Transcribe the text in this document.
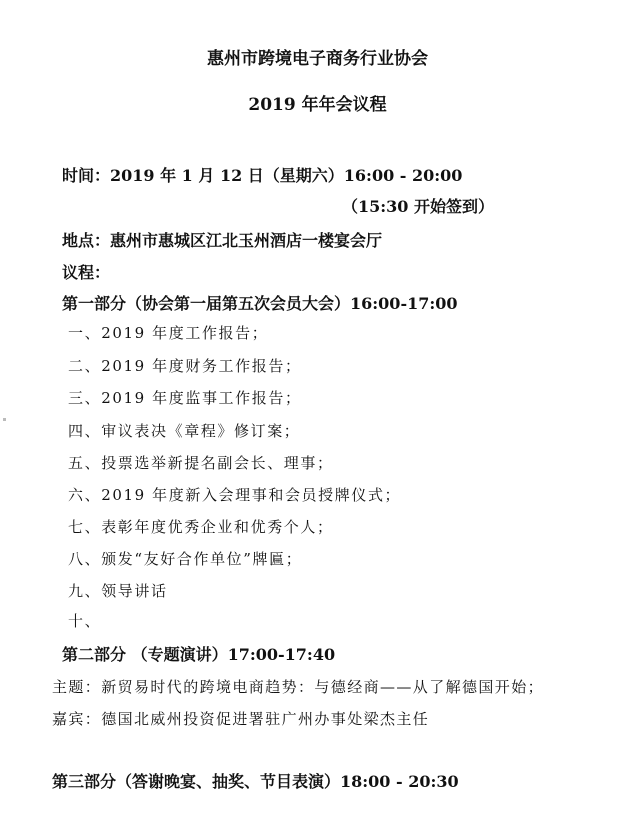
惠州市跨境电子商务行业协会
2019 年年会议程
时间：2019 年 1 月 12 日（星期六）16:00 - 20:00
（15:30 开始签到）
地点：惠州市惠城区江北玉州酒店一楼宴会厅
议程：
第一部分（协会第一届第五次会员大会）16:00-17:00
一、2019 年度工作报告；
二、2019 年度财务工作报告；
三、2019 年度监事工作报告；
四、审议表决《章程》修订案；
五、投票选举新提名副会长、理事；
六、2019 年度新入会理事和会员授牌仪式；
七、表彰年度优秀企业和优秀个人；
八、颁发“友好合作单位”牌匾；
九、领导讲话
十、
第二部分 （专题演讲）17:00-17:40
主题：新贸易时代的跨境电商趋势：与德经商——从了解德国开始；
嘉宾：德国北威州投资促进署驻广州办事处梁杰主任
第三部分（答谢晚宴、抽奖、节目表演）18:00 - 20:30
